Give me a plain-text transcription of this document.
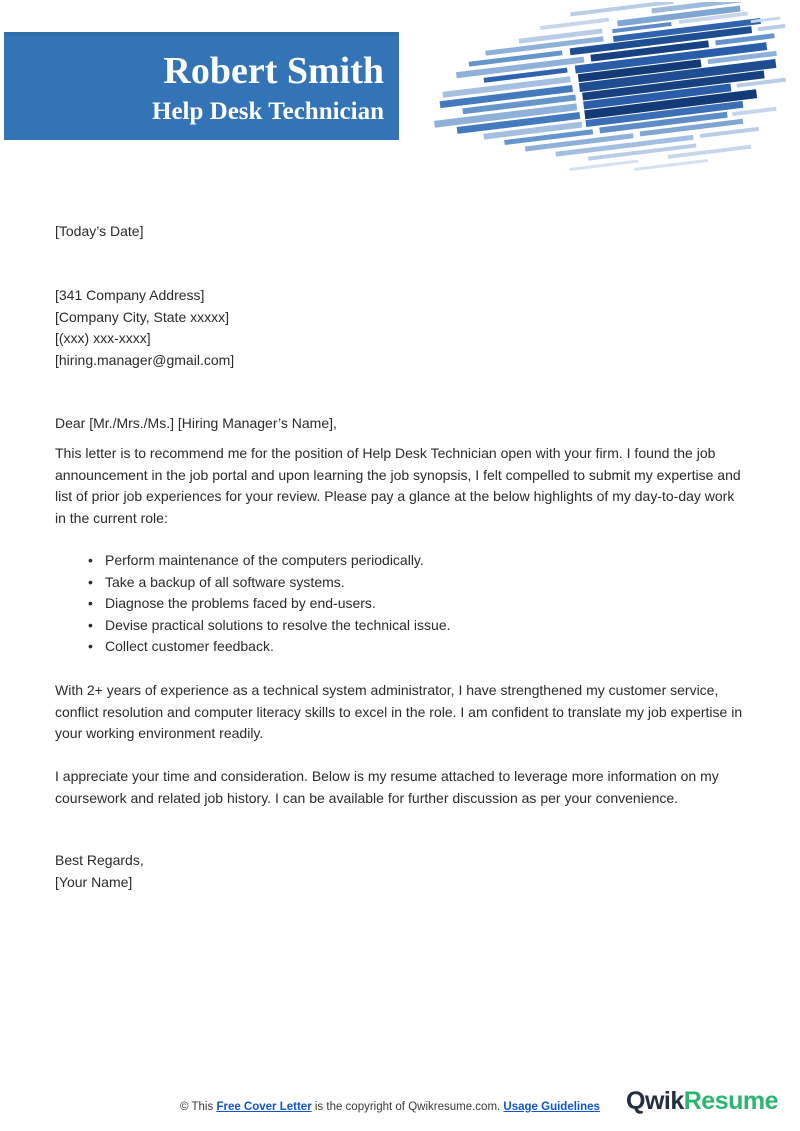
Robert Smith
Help Desk Technician
[Today’s Date]
[341 Company Address]
[Company City, State xxxxx]
[(xxx) xxx-xxxx]
[hiring.manager@gmail.com]
Dear [Mr./Mrs./Ms.] [Hiring Manager’s Name],
This letter is to recommend me for the position of Help Desk Technician open with your firm. I found the job announcement in the job portal and upon learning the job synopsis, I felt compelled to submit my expertise and list of prior job experiences for your review. Please pay a glance at the below highlights of my day-to-day work in the current role:
• Perform maintenance of the computers periodically.
• Take a backup of all software systems.
• Diagnose the problems faced by end-users.
• Devise practical solutions to resolve the technical issue.
• Collect customer feedback.
With 2+ years of experience as a technical system administrator, I have strengthened my customer service, conflict resolution and computer literacy skills to excel in the role. I am confident to translate my job expertise in your working environment readily.
I appreciate your time and consideration. Below is my resume attached to leverage more information on my coursework and related job history. I can be available for further discussion as per your convenience.
Best Regards,
[Your Name]
© This Free Cover Letter is the copyright of Qwikresume.com. Usage Guidelines	QwikResume
